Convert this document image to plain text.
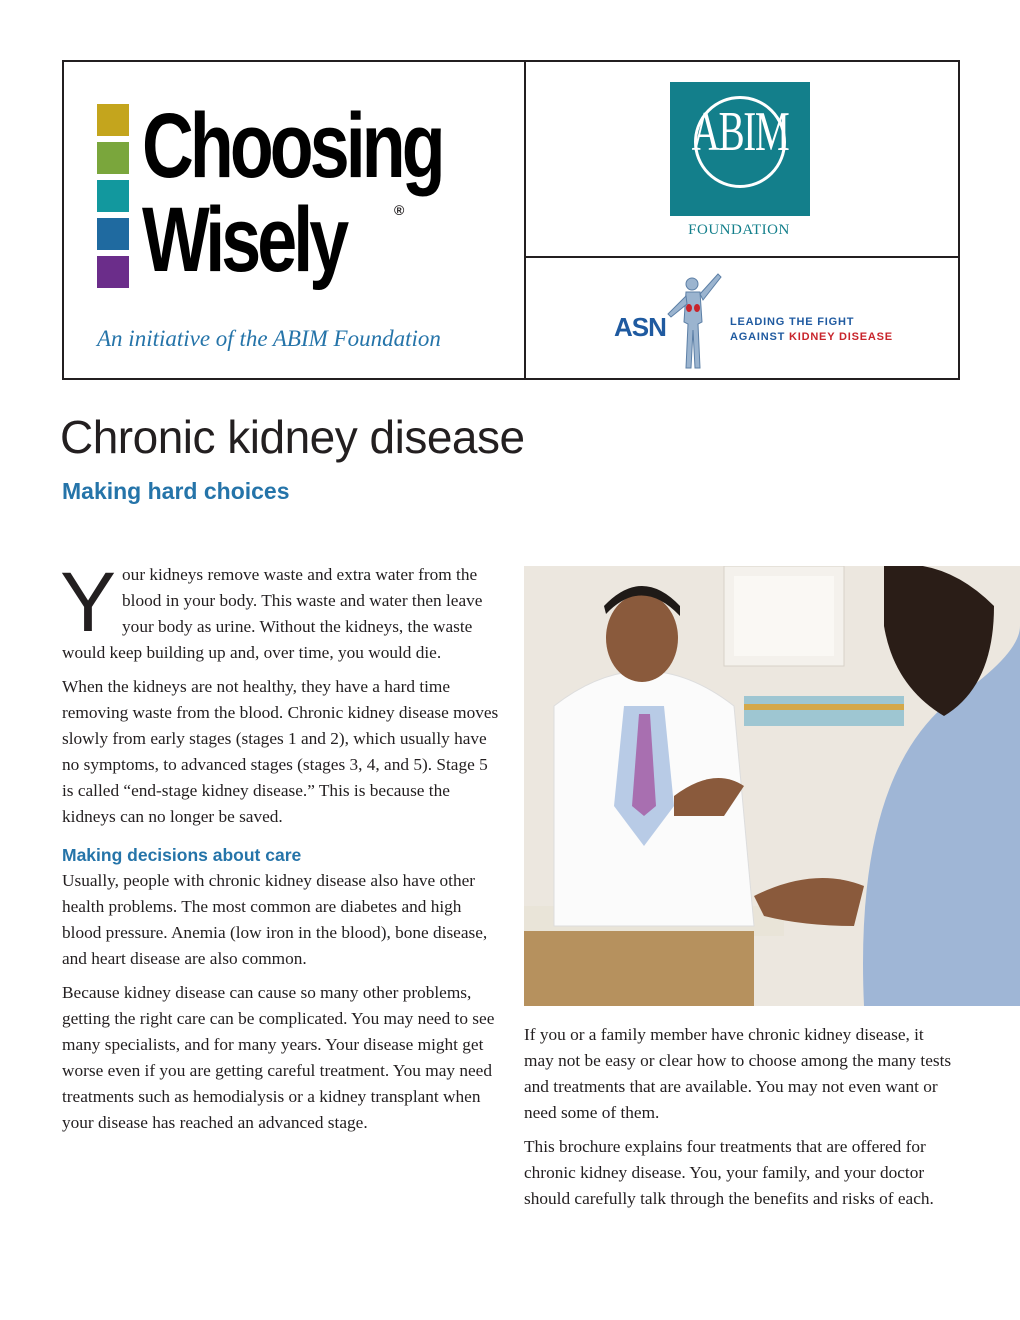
Choosing
Wisely	®
An initiative of the ABIM Foundation
ABIM
FOUNDATION
ASN	LEADING THE FIGHT
AGAINST KIDNEY DISEASE
Chronic kidney disease
Making hard choices

Your kidneys remove waste and extra water from the blood in your body. This waste and water then leave your body as urine. Without the kidneys, the waste would keep building up and, over time, you would die.

When the kidneys are not healthy, they have a hard time removing waste from the blood. Chronic kidney disease moves slowly from early stages (stages 1 and 2), which usually have no symptoms, to advanced stages (stages 3, 4, and 5). Stage 5 is called “end-stage kidney disease.” This is because the kidneys can no longer be saved.

Making decisions about care

Usually, people with chronic kidney disease also have other health problems. The most common are diabetes and high blood pressure. Anemia (low iron in the blood), bone disease, and heart disease are also common.

Because kidney disease can cause so many other problems, getting the right care can be complicated. You may need to see many specialists, and for many years. Your disease might get worse even if you are getting careful treatment. You may need treatments such as hemodialysis or a kidney transplant when your disease has reached an advanced stage.

If you or a family member have chronic kidney disease, it may not be easy or clear how to choose among the many tests and treatments that are available. You may not even want or need some of them.

This brochure explains four treatments that are offered for chronic kidney disease. You, your family, and your doctor should carefully talk through the benefits and risks of each.
